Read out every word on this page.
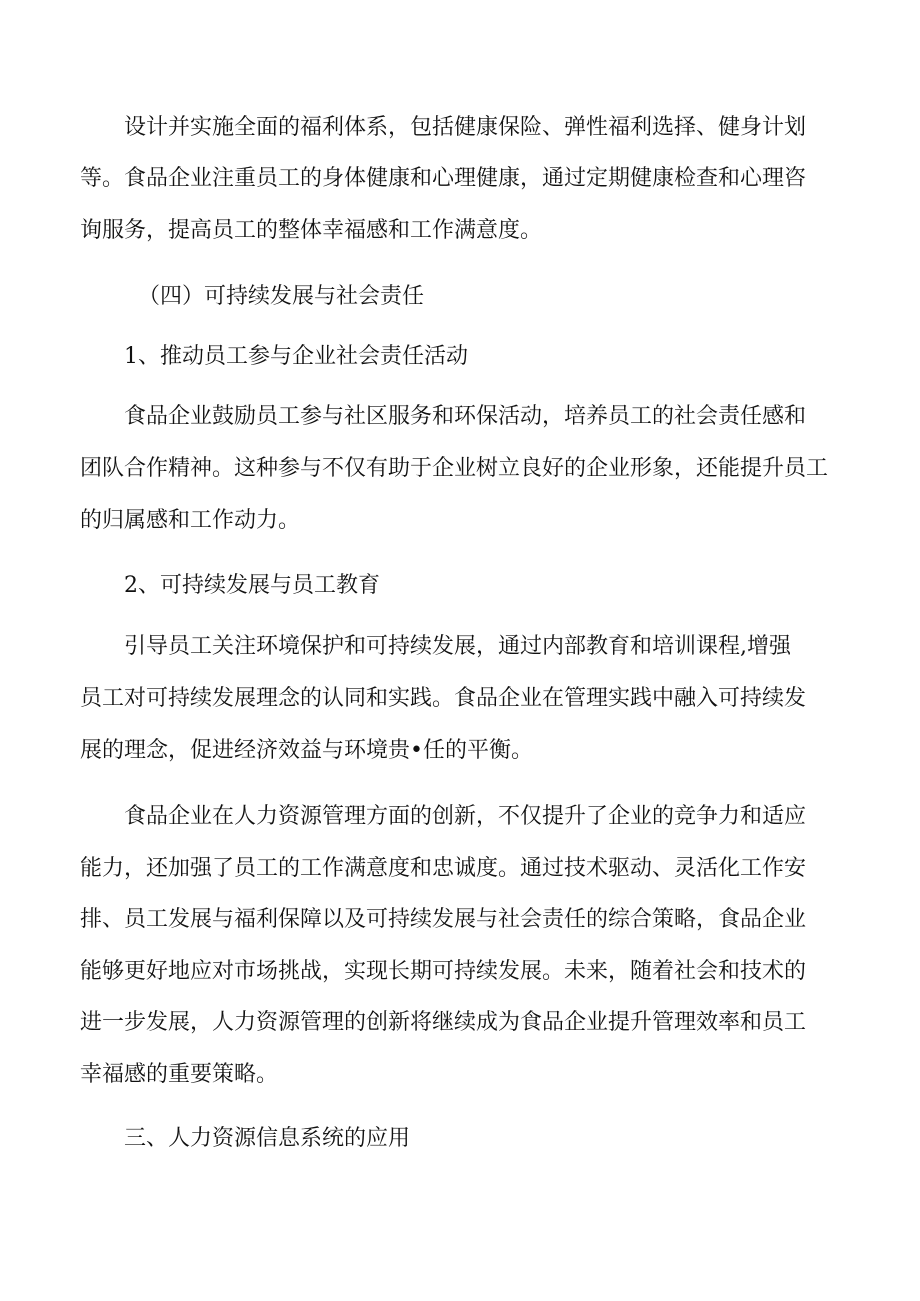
设计并实施全面的福利体系，包括健康保险、弹性福利选择、健身计划
等。食品企业注重员工的身体健康和心理健康，通过定期健康检查和心理咨
询服务，提高员工的整体幸福感和工作满意度。
（四）可持续发展与社会责任
1、推动员工参与企业社会责任活动
食品企业鼓励员工参与社区服务和环保活动，培养员工的社会责任感和
团队合作精神。这种参与不仅有助于企业树立良好的企业形象，还能提升员工
的归属感和工作动力。
2、可持续发展与员工教育
引导员工关注环境保护和可持续发展，通过内部教育和培训课程,增强
员工对可持续发展理念的认同和实践。食品企业在管理实践中融入可持续发
展的理念，促进经济效益与环境贵•任的平衡。
食品企业在人力资源管理方面的创新，不仅提升了企业的竞争力和适应
能力，还加强了员工的工作满意度和忠诚度。通过技术驱动、灵活化工作安
排、员工发展与福利保障以及可持续发展与社会责任的综合策略，食品企业
能够更好地应对市场挑战，实现长期可持续发展。未来，随着社会和技术的
进一步发展，人力资源管理的创新将继续成为食品企业提升管理效率和员工
幸福感的重要策略。
三、人力资源信息系统的应用
